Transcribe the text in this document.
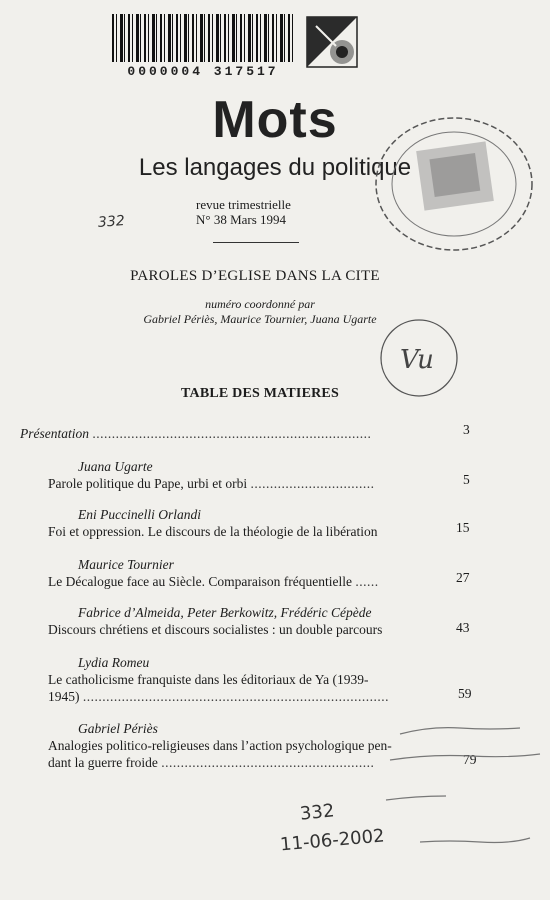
0000004 317517
Mots
Les langages du politique
revue trimestrielle
N° 38 Mars 1994
332
PAROLES D’EGLISE DANS LA CITE
numéro coordonné par
Gabriel Périès, Maurice Tournier, Juana Ugarte
Vu
TABLE DES MATIERES
Présentation ........................................................................	3
Juana Ugarte
Parole politique du Pape, urbi et orbi ................................	5
Eni Puccinelli Orlandi
Foi et oppression. Le discours de la théologie de la libération	15
Maurice Tournier
Le Décalogue face au Siècle. Comparaison fréquentielle ......	27
Fabrice d’Almeida, Peter Berkowitz, Frédéric Cépède
Discours chrétiens et discours socialistes : un double parcours	43
Lydia Romeu
Le catholicisme franquiste dans les éditoriaux de Ya (1939-
1945) ...............................................................................	59
Gabriel Périès
Analogies politico-religieuses dans l’action psychologique pen-
dant la guerre froide .......................................................	79
332
11-06-2002
